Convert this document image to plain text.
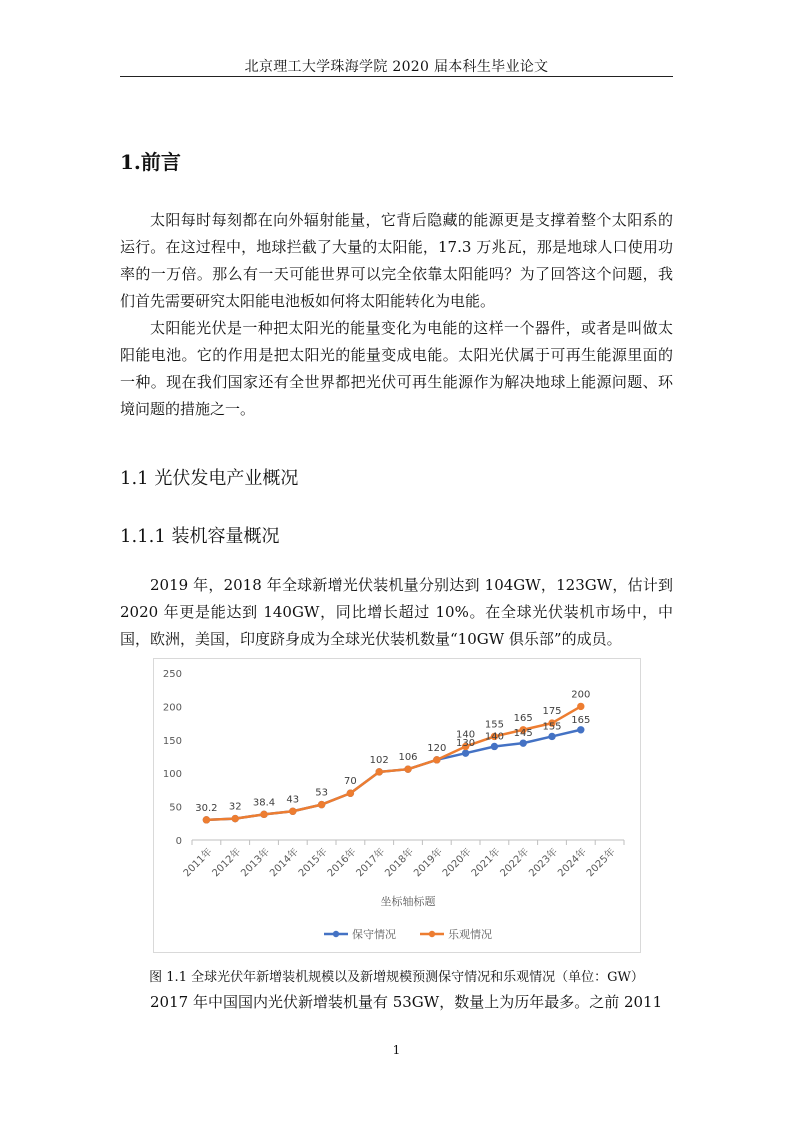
北京理工大学珠海学院 2020 届本科生毕业论文
1.前言

太阳每时每刻都在向外辐射能量，它背后隐藏的能源更是支撑着整个太阳系的运行。在这过程中，地球拦截了大量的太阳能，17.3 万兆瓦，那是地球人口使用功率的一万倍。那么有一天可能世界可以完全依靠太阳能吗？为了回答这个问题，我们首先需要研究太阳能电池板如何将太阳能转化为电能。

太阳能光伏是一种把太阳光的能量变化为电能的这样一个器件，或者是叫做太阳能电池。它的作用是把太阳光的能量变成电能。太阳光伏属于可再生能源里面的一种。现在我们国家还有全世界都把光伏可再生能源作为解决地球上能源问题、环境问题的措施之一。

1.1 光伏发电产业概况
1.1.1 装机容量概况

2019 年，2018 年全球新增光伏装机量分别达到 104GW，123GW，估计到 2020 年更是能达到 140GW，同比增长超过 10%。在全球光伏装机市场中，中国，欧洲，美国，印度跻身成为全球光伏装机数量“10GW 俱乐部”的成员。

0
50
100
150
200
250
2011年
2012年
2013年
2014年
2015年
2016年
2017年
2018年
2019年
2020年
2021年
2022年
2023年
2024年
2025年
坐标轴标题
130
140 145
155
165
30.2 32 38.4 43
53
70
102 106
120
140
155
165
175
200
保守情况	乐观情况
图 1.1 全球光伏年新增装机规模以及新增规模预测保守情况和乐观情况（单位：GW）

2017 年中国国内光伏新增装机量有 53GW，数量上为历年最多。之前 2011

1
